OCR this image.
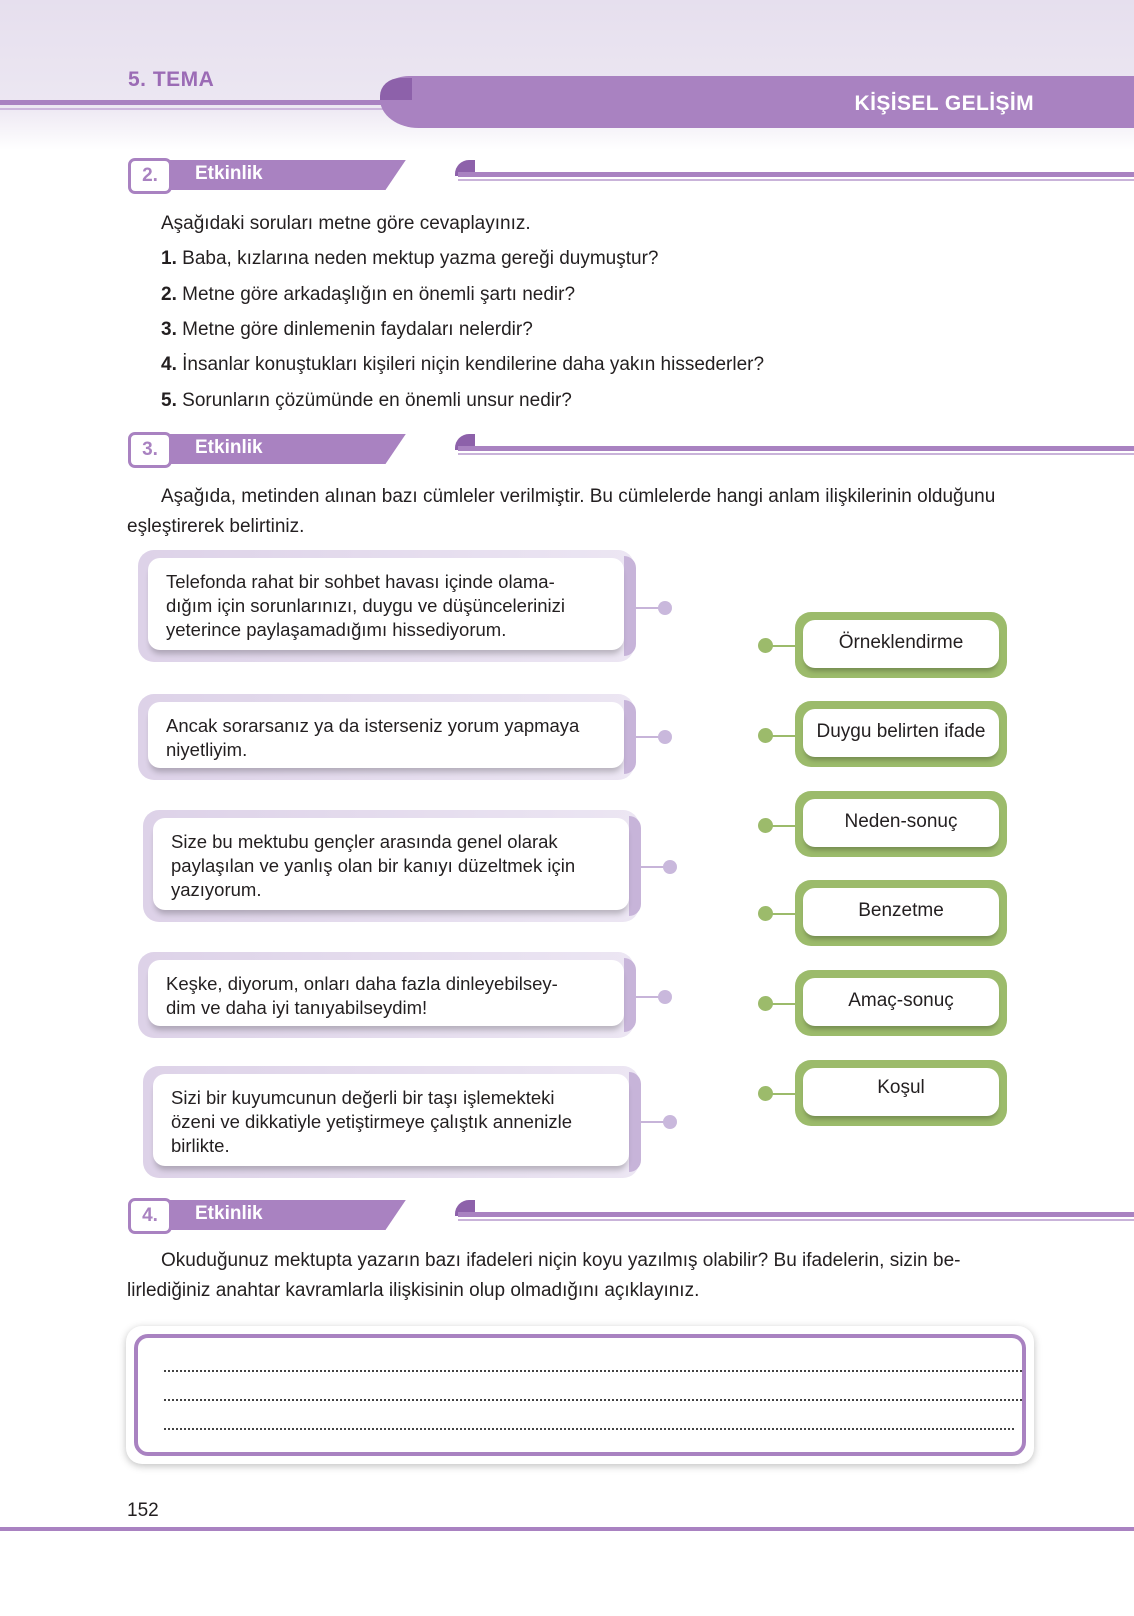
5. TEMA
KİŞİSEL GELİŞİM
2.	Etkinlik
Aşağıdaki soruları metne göre cevaplayınız.
1. Baba, kızlarına neden mektup yazma gereği duymuştur?
2. Metne göre arkadaşlığın en önemli şartı nedir?
3. Metne göre dinlemenin faydaları nelerdir?
4. İnsanlar konuştukları kişileri niçin kendilerine daha yakın hissederler?
5. Sorunların çözümünde en önemli unsur nedir?
3.	Etkinlik
Aşağıda, metinden alınan bazı cümleler verilmiştir. Bu cümlelerde hangi anlam ilişkilerinin olduğunu
eşleştirerek belirtiniz.
Telefonda rahat bir sohbet havası içinde olama-
dığım için sorunlarınızı, duygu ve düşüncelerinizi
yeterince paylaşamadığımı hissediyorum.
Ancak sorarsanız ya da isterseniz yorum yapmaya
niyetliyim.
Size bu mektubu gençler arasında genel olarak
paylaşılan ve yanlış olan bir kanıyı düzeltmek için
yazıyorum.
Keşke, diyorum, onları daha fazla dinleyebilsey-
dim ve daha iyi tanıyabilseydim!
Sizi bir kuyumcunun değerli bir taşı işlemekteki
özeni ve dikkatiyle yetiştirmeye çalıştık annenizle
birlikte.
Örneklendirme
Duygu belirten ifade
Neden-sonuç
Benzetme
Amaç-sonuç
Koşul
4.	Etkinlik
Okuduğunuz mektupta yazarın bazı ifadeleri niçin koyu yazılmış olabilir? Bu ifadelerin, sizin be-
lirlediğiniz anahtar kavramlarla ilişkisinin olup olmadığını açıklayınız.
152
